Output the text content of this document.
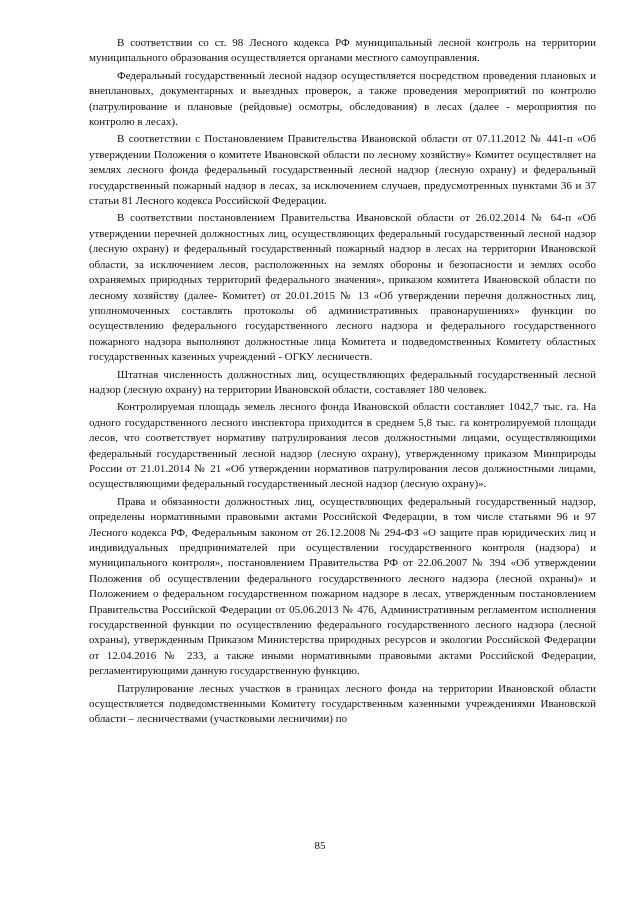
В соответствии со ст. 98 Лесного кодекса РФ муниципальный лесной контроль на территории муниципального образования осуществляется органами местного самоуправления.

Федеральный государственный лесной надзор осуществляется посредством проведения плановых и внеплановых, документарных и выездных проверок, а также проведения мероприятий по контролю (патрулирование и плановые (рейдовые) осмотры, обследования) в лесах (далее - мероприятия по контролю в лесах).

В соответствии с Постановлением Правительства Ивановской области от 07.11.2012 № 441-п «Об утверждении Положения о комитете Ивановской области по лесному хозяйству» Комитет осуществляет на землях лесного фонда федеральный государственный лесной надзор (лесную охрану) и федеральный государственный пожарный надзор в лесах, за исключением случаев, предусмотренных пунктами 36 и 37 статьи 81 Лесного кодекса Российской Федерации.

В соответствии постановлением Правительства Ивановской области от 26.02.2014 № 64-п «Об утверждении перечней должностных лиц, осуществляющих федеральный государственный лесной надзор (лесную охрану) и федеральный государственный пожарный надзор в лесах на территории Ивановской области, за исключением лесов, расположенных на землях обороны и безопасности и землях особо охраняемых природных территорий федерального значения», приказом комитета Ивановской области по лесному хозяйству (далее- Комитет) от 20.01.2015 № 13 «Об утверждении перечня должностных лиц, уполномоченных составлять протоколы об административных правонарушениях» функции по осуществлению федерального государственного лесного надзора и федерального государственного пожарного надзора выполняют должностные лица Комитета и подведомственных Комитету областных государственных казенных учреждений - ОГКУ лесничеств.

Штатная численность должностных лиц, осуществляющих федеральный государственный лесной надзор (лесную охрану) на территории Ивановской области, составляет 180 человек.

Контролируемая площадь земель лесного фонда Ивановской области составляет 1042,7 тыс. га. На одного государственного лесного инспектора приходится в среднем 5,8 тыс. га контролируемой площади лесов, что соответствует нормативу патрулирования лесов должностными лицами, осуществляющими федеральный государственный лесной надзор (лесную охрану), утвержденному приказом Минприроды России от 21.01.2014 № 21 «Об утверждении нормативов патрулирования лесов должностными лицами, осуществляющими федеральный государственный лесной надзор (лесную охрану)».

Права и обязанности должностных лиц, осуществляющих федеральный государственный надзор, определены нормативными правовыми актами Российской Федерации, в том числе статьями 96 и 97 Лесного кодекса РФ, Федеральным законом от 26.12.2008 № 294-ФЗ «О защите прав юридических лиц и индивидуальных предпринимателей при осуществлении государственного контроля (надзора) и муниципального контроля», постановлением Правительства РФ от 22.06.2007 № 394 «Об утверждении Положения об осуществлении федерального государственного лесного надзора (лесной охраны)» и Положением о федеральном государственном пожарном надзоре в лесах, утвержденным постановлением Правительства Российской Федерации от 05.06.2013 № 476, Административным регламентом исполнения государственной функции по осуществлению федерального государственного лесного надзора (лесной охраны), утвержденным Приказом Министерства природных ресурсов и экологии Российской Федерации от 12.04.2016 № 233, а также иными нормативными правовыми актами Российской Федерации, регламентирующими данную государственную функцию.

Патрулирование лесных участков в границах лесного фонда на территории Ивановской области осуществляется подведомственными Комитету государственным казенными учреждениями Ивановской области – лесничествами (участковыми лесничими) по

85
